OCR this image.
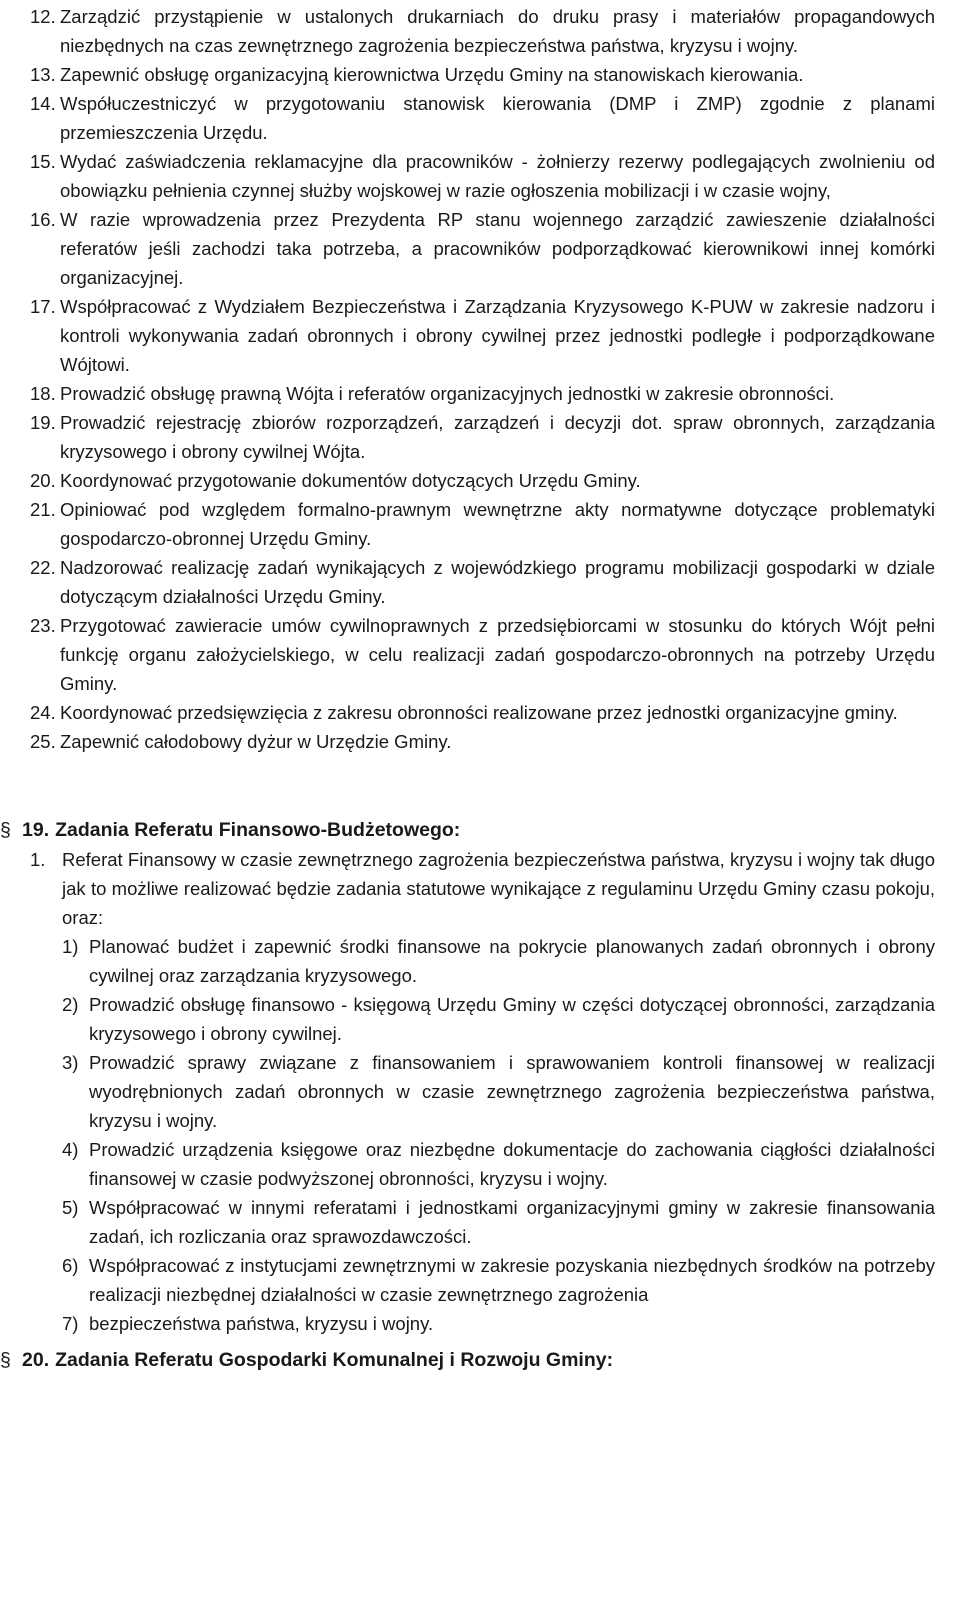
12. Zarządzić przystąpienie w ustalonych drukarniach do druku prasy i materiałów propagandowych niezbędnych na czas zewnętrznego zagrożenia bezpieczeństwa państwa, kryzysu i wojny.
13. Zapewnić obsługę organizacyjną kierownictwa Urzędu Gminy na stanowiskach kierowania.
14. Współuczestniczyć w przygotowaniu stanowisk kierowania (DMP i ZMP) zgodnie z planami przemieszczenia Urzędu.
15. Wydać zaświadczenia reklamacyjne dla pracowników - żołnierzy rezerwy podlegających zwolnieniu od obowiązku pełnienia czynnej służby wojskowej w razie ogłoszenia mobilizacji i w czasie wojny,
16. W razie wprowadzenia przez Prezydenta RP stanu wojennego zarządzić zawieszenie działalności referatów jeśli zachodzi taka potrzeba, a pracowników podporządkować kierownikowi innej komórki organizacyjnej.
17. Współpracować z Wydziałem Bezpieczeństwa i Zarządzania Kryzysowego K-PUW w zakresie nadzoru i kontroli wykonywania zadań obronnych i obrony cywilnej przez jednostki podległe i podporządkowane Wójtowi.
18. Prowadzić obsługę prawną Wójta i referatów organizacyjnych jednostki w zakresie obronności.
19. Prowadzić rejestrację zbiorów rozporządzeń, zarządzeń i decyzji dot. spraw obronnych, zarządzania kryzysowego i obrony cywilnej Wójta.
20. Koordynować przygotowanie dokumentów dotyczących Urzędu Gminy.
21. Opiniować pod względem formalno-prawnym wewnętrzne akty normatywne dotyczące problematyki gospodarczo-obronnej Urzędu Gminy.
22. Nadzorować realizację zadań wynikających z wojewódzkiego programu mobilizacji gospodarki w dziale dotyczącym działalności Urzędu Gminy.
23. Przygotować zawieracie umów cywilnoprawnych z przedsiębiorcami w stosunku do których Wójt pełni funkcję organu założycielskiego, w celu realizacji zadań gospodarczo-obronnych na potrzeby Urzędu Gminy.
24. Koordynować przedsięwzięcia z zakresu obronności realizowane przez jednostki organizacyjne gminy.
25. Zapewnić całodobowy dyżur w Urzędzie Gminy.
§ 19. Zadania Referatu Finansowo-Budżetowego:
1. Referat Finansowy w czasie zewnętrznego zagrożenia bezpieczeństwa państwa, kryzysu i wojny tak długo jak to możliwe realizować będzie zadania statutowe wynikające z regulaminu Urzędu Gminy czasu pokoju, oraz:
1) Planować budżet i zapewnić środki finansowe na pokrycie planowanych zadań obronnych i obrony cywilnej oraz zarządzania kryzysowego.
2) Prowadzić obsługę finansowo - księgową Urzędu Gminy w części dotyczącej obronności, zarządzania kryzysowego i obrony cywilnej.
3) Prowadzić sprawy związane z finansowaniem i sprawowaniem kontroli finansowej w realizacji wyodrębnionych zadań obronnych w czasie zewnętrznego zagrożenia bezpieczeństwa państwa, kryzysu i wojny.
4) Prowadzić urządzenia księgowe oraz niezbędne dokumentacje do zachowania ciągłości działalności finansowej w czasie podwyższonej obronności, kryzysu i wojny.
5) Współpracować w innymi referatami i jednostkami organizacyjnymi gminy w zakresie finansowania zadań, ich rozliczania oraz sprawozdawczości.
6) Współpracować z instytucjami zewnętrznymi w zakresie pozyskania niezbędnych środków na potrzeby realizacji niezbędnej działalności w czasie zewnętrznego zagrożenia
7) bezpieczeństwa państwa, kryzysu i wojny.
§ 20. Zadania Referatu Gospodarki Komunalnej i Rozwoju Gminy:
